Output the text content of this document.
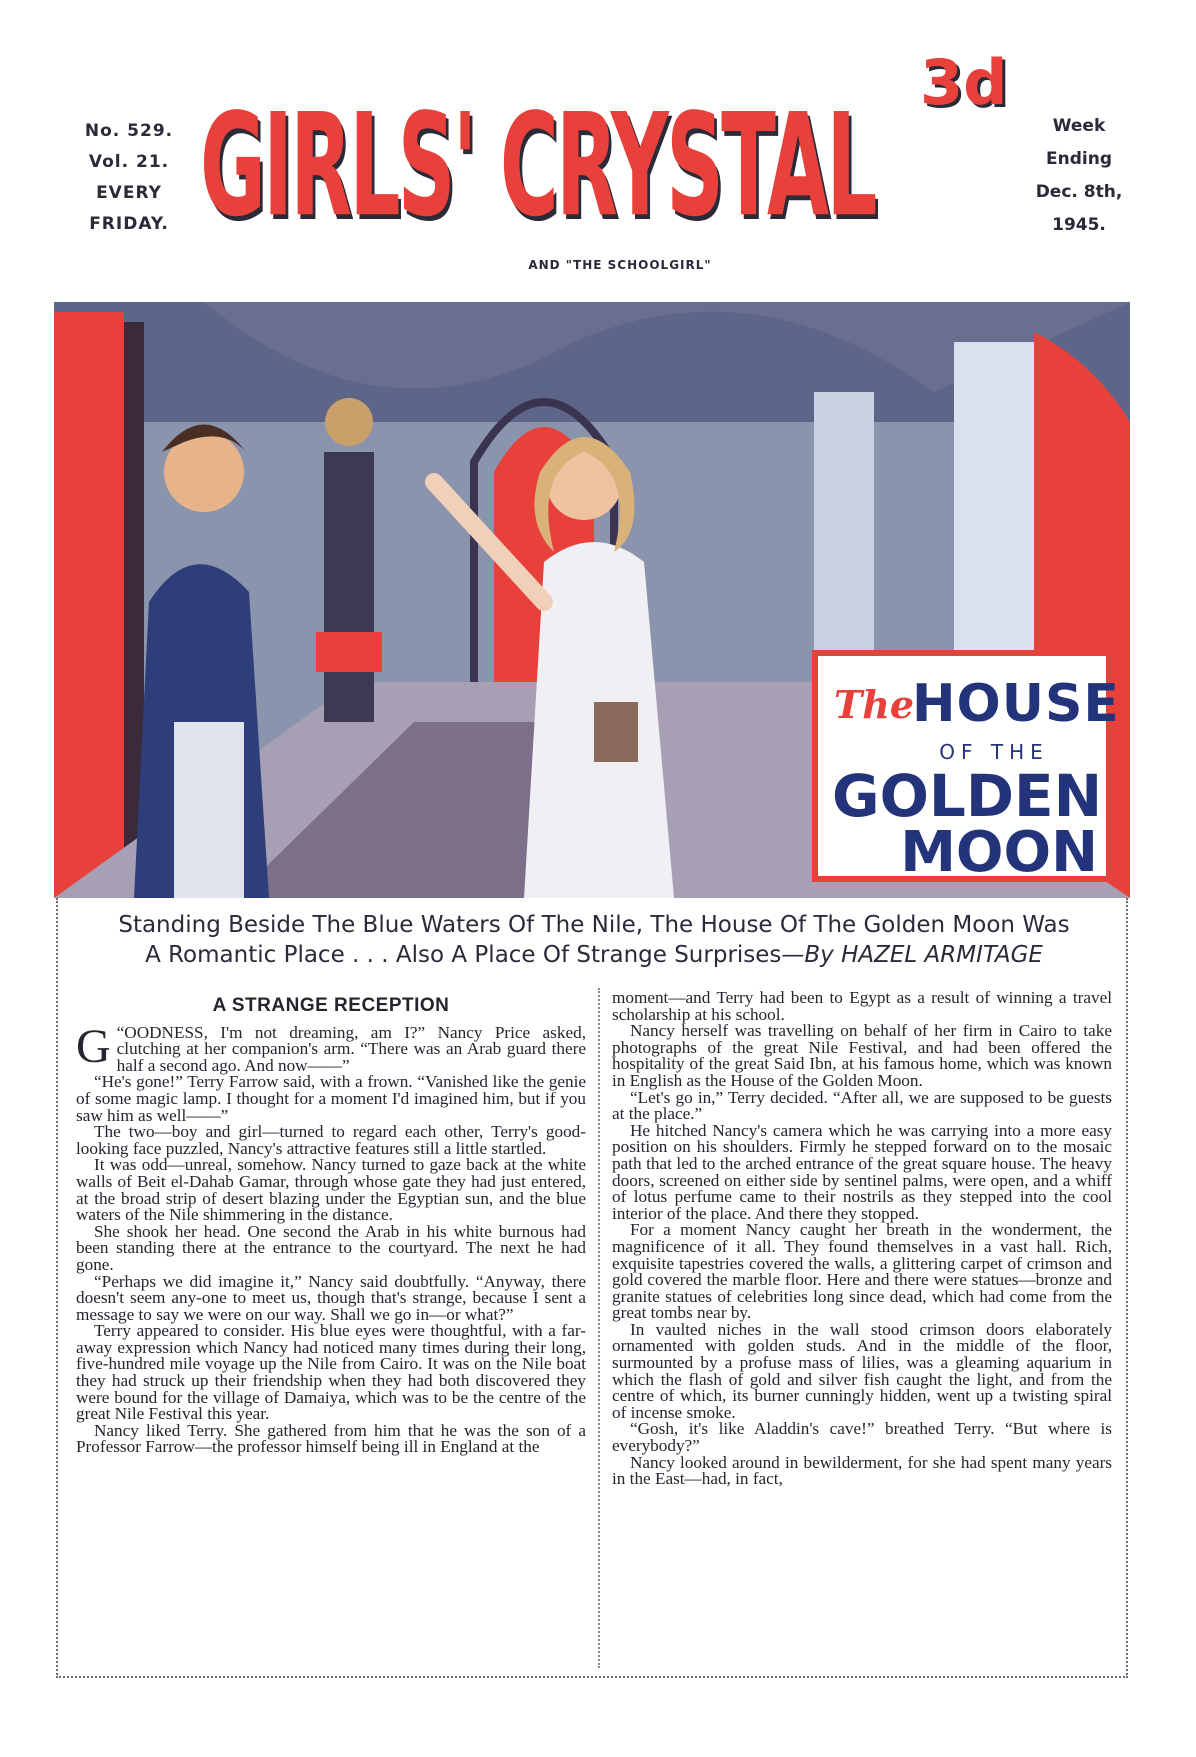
No. 529.
Vol. 21.
EVERY
FRIDAY. GIRLS' CRYSTAL 3d
Week
Ending
Dec. 8th,
1945.
AND "THE SCHOOLGIRL"
The
HOUSE
OF THE
GOLDEN
MOON
Standing Beside The Blue Waters Of The Nile, The House Of The Golden Moon Was
A Romantic Place . . . Also A Place Of Strange Surprises—By HAZEL ARMITAGE

A STRANGE RECEPTION

G “OODNESS, I'm not dreaming, am I?” Nancy Price asked, clutching at her companion's arm. “There was an Arab guard there half a second ago. And now——”

“He's gone!” Terry Farrow said, with a frown. “Vanished like the genie of some magic lamp. I thought for a moment I'd imagined him, but if you saw him as well——”

The two—boy and girl—turned to regard each other, Terry's good-looking face puzzled, Nancy's attractive features still a little startled.

It was odd—unreal, somehow. Nancy turned to gaze back at the white walls of Beit el-Dahab Gamar, through whose gate they had just entered, at the broad strip of desert blazing under the Egyptian sun, and the blue waters of the Nile shimmering in the distance.

She shook her head. One second the Arab in his white burnous had been standing there at the entrance to the courtyard. The next he had gone.

“Perhaps we did imagine it,” Nancy said doubtfully. “Anyway, there doesn't seem any-one to meet us, though that's strange, because I sent a message to say we were on our way. Shall we go in—or what?”

Terry appeared to consider. His blue eyes were thoughtful, with a far-away expression which Nancy had noticed many times during their long, five-hundred mile voyage up the Nile from Cairo. It was on the Nile boat they had struck up their friendship when they had both discovered they were bound for the village of Damaiya, which was to be the centre of the great Nile Festival this year.

Nancy liked Terry. She gathered from him that he was the son of a Professor Farrow—the professor himself being ill in England at the

moment—and Terry had been to Egypt as a result of winning a travel scholarship at his school.

Nancy herself was travelling on behalf of her firm in Cairo to take photographs of the great Nile Festival, and had been offered the hospitality of the great Said Ibn, at his famous home, which was known in English as the House of the Golden Moon.

“Let's go in,” Terry decided. “After all, we are supposed to be guests at the place.”

He hitched Nancy's camera which he was carrying into a more easy position on his shoulders. Firmly he stepped forward on to the mosaic path that led to the arched entrance of the great square house. The heavy doors, screened on either side by sentinel palms, were open, and a whiff of lotus perfume came to their nostrils as they stepped into the cool interior of the place. And there they stopped.

For a moment Nancy caught her breath in the wonderment, the magnificence of it all. They found themselves in a vast hall. Rich, exquisite tapestries covered the walls, a glittering carpet of crimson and gold covered the marble floor. Here and there were statues—bronze and granite statues of celebrities long since dead, which had come from the great tombs near by.

In vaulted niches in the wall stood crimson doors elaborately ornamented with golden studs. And in the middle of the floor, surmounted by a profuse mass of lilies, was a gleaming aquarium in which the flash of gold and silver fish caught the light, and from the centre of which, its burner cunningly hidden, went up a twisting spiral of incense smoke.

“Gosh, it's like Aladdin's cave!” breathed Terry. “But where is everybody?”

Nancy looked around in bewilderment, for she had spent many years in the East—had, in fact,
